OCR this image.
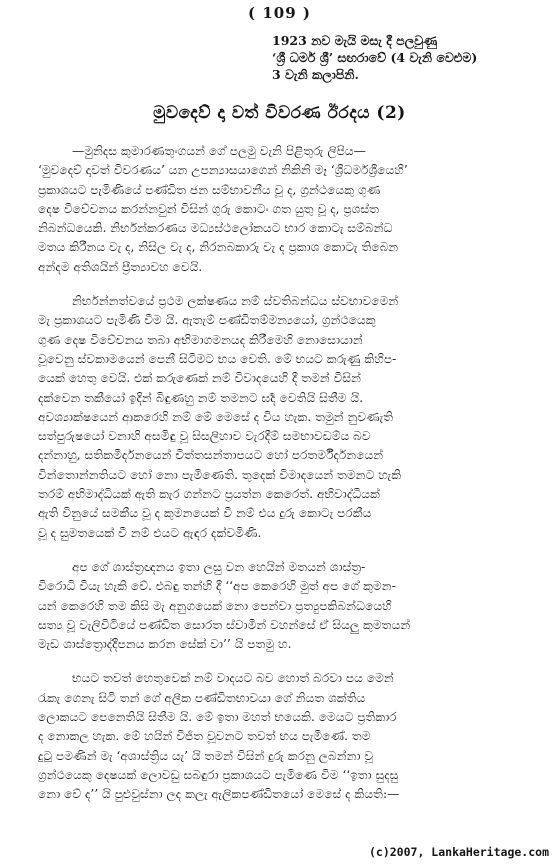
( 109 )
1923 නව මැයි මසැ දී පලවුණු
‘ශ්‍රී ධර්ම ශ්‍රී’ සඟරාවේ (4 වැනි වෙළුම)
3 වැනි කලාපිනි.
මුවදෙව් දා වත් විවරණ ඊරදය (2)
—මුනිදස කුමාරණතුංගයන් ගේ පලමු වැනි පිළිතුරු ලිපිය—
‘මුවදෙව් දාවත් විවරණය’ යන උපන්‍යාසයාගෙන් නිකිනි මෑ ‘ශ්‍රීධර්මශ්‍රීයෙහි’
ප්‍රකාශයට පැමිණියේ පණ්ඩිත ජන සම්භාවනීය වූ ද, ග්‍රන්ථයෙකු ගුණ
දෙෂ විවේචනය කරන්නවුන් විසින් ගුරු කොටං ගත යුතු වූ ද, ප්‍රශස්ත
නිබන්ධයෙකි. නිර්භන්කරණය මධ්‍යස්ථලෝකයට භාර කොටැ සම්බන්ධ
මතය කිරීනය වැ ද, නිසිල වැ ද, නිරනබකාරු වැ ද ප්‍රකාශ කොටැ තිබෙන
අන්දම අතිශයින් ප්‍රීත්‍යාවහ වෙයි.
නිර්භන්නත්වයේ ප්‍රථම ලක්ෂණය නම් ස්වතිබන්ධය ස්වභාවමෙන්
මැ ප්‍රකාශයට පැමිණි වීම යි. ඇතැම් පණ්ඩිතම්මන්‍යයෝ, ග්‍රන්ථයෙකු
ගුණ දෙෂ විවේචනය තබා අභිමාගමනයද කිරීමෙහි නොසොයාන්
වූවෙනු ස්වකාමයෙන් පෙනී සිටීමට භය වෙති. මේ භයට කරුණු කිහිප-
යෙක් හෙතු වෙයි. එක් කරුණෙක් නම් විවාදයෙහි දී තමන් විසින්
දක්වෙන තකීයෝ ඉදින් බිඳුණහු නම් තමනට ඝර්‍ද වෙතියි සිතීම යි.
අවශ්‍යාක්ෂයෙන් ආකරෙහි නම් මේ මෙසේ ද විය හැක. තමුන් නුවණැති
සත්පුරුෂයෝ වනාහි අසමිඳු වූ සිසලිහාව වැරදීම් සමභාවඩම්ය බව
දන්නාහු, සතිකමීර්දනයෙන් චිත්තසන්තාපයට හෝ පරතර්මීර්දනයෙන්
වින්තොන්නතියට හෝ නො පැමිණෙති. තුදෙක් විමාදයෙන් තමනට හැකි
තරම් අභිමාද්ධියක් ඇති කැර ගන්නට ප්‍රයත්න කෙරෙත්. අභිවාද්ධියක්
ඇති විනුයේ සමකීය වූ ද කුමනයෙක් වී නම් එය දුරු කොටැ පරකීය
වූ ද සුමතයෙක් වී නම් එයට ඇඳර දක්වමිණි.
අප ගේ ශාස්ත්‍රඥනය ඉතා ලසු වන හෙයින් මතයන් ශාස්ත්‍ර-
විරොධි වියැ හැකි වේ. එබඳු තන්හි දී ‘‘අප කෙරෙහි මුත් අප ගේ කුමන-
යන් කෙරෙහි තම කිසි මැ අනුගයෙක් නො පෙන්වා ප්‍රත්‍යුපකිබන්ධයෙහි
සත්‍ය වූ වැලිවිටියේ පණ්ඩිත සොරත ස්වාමීන් වහන්සේ ඒ සියලු කුමතයන්
මැඩ ශාස්ත්‍රොද්දීපනය කරන සේක් වා’’ යි පතමු හ.
භයට තවත් හෙතුවෙක් නම් වාදයට බව හොත් බරවා පය මෙන්
රැකැ ගෙනැ සිටි තන් ගේ අලීක පණ්ඩිතභාවයා ගේ නියත ශක්තිය
ලොකයට පෙනෙතියි සිතීම යි. මේ ඉතා මහත් භයෙකි. මෙයට ප්‍රතිකාර
ද නොකල හැක. මේ හයින් විජිත වූවනට තවත් භය පැමිණේ. තම
දුටු පමණින් මැ ‘අශාස්ත්‍රිය යැ’ යි තමන් විසින් දුරු කරනු ලබන්නා වූ
ග්‍රන්ථයෙකු දෙෂයක් ලොවඩු සබඳුරා ප්‍රකාශයට පැමිණෙ විම ‘‘ඉතා සුදසු
නො වේ ද’’ යි පුළුවුස්නා ලද කලැ ඇලිකපණ්ඩිතයෝ මෙසේ ද කියති:—
(c)2007, LankaHeritage.com
